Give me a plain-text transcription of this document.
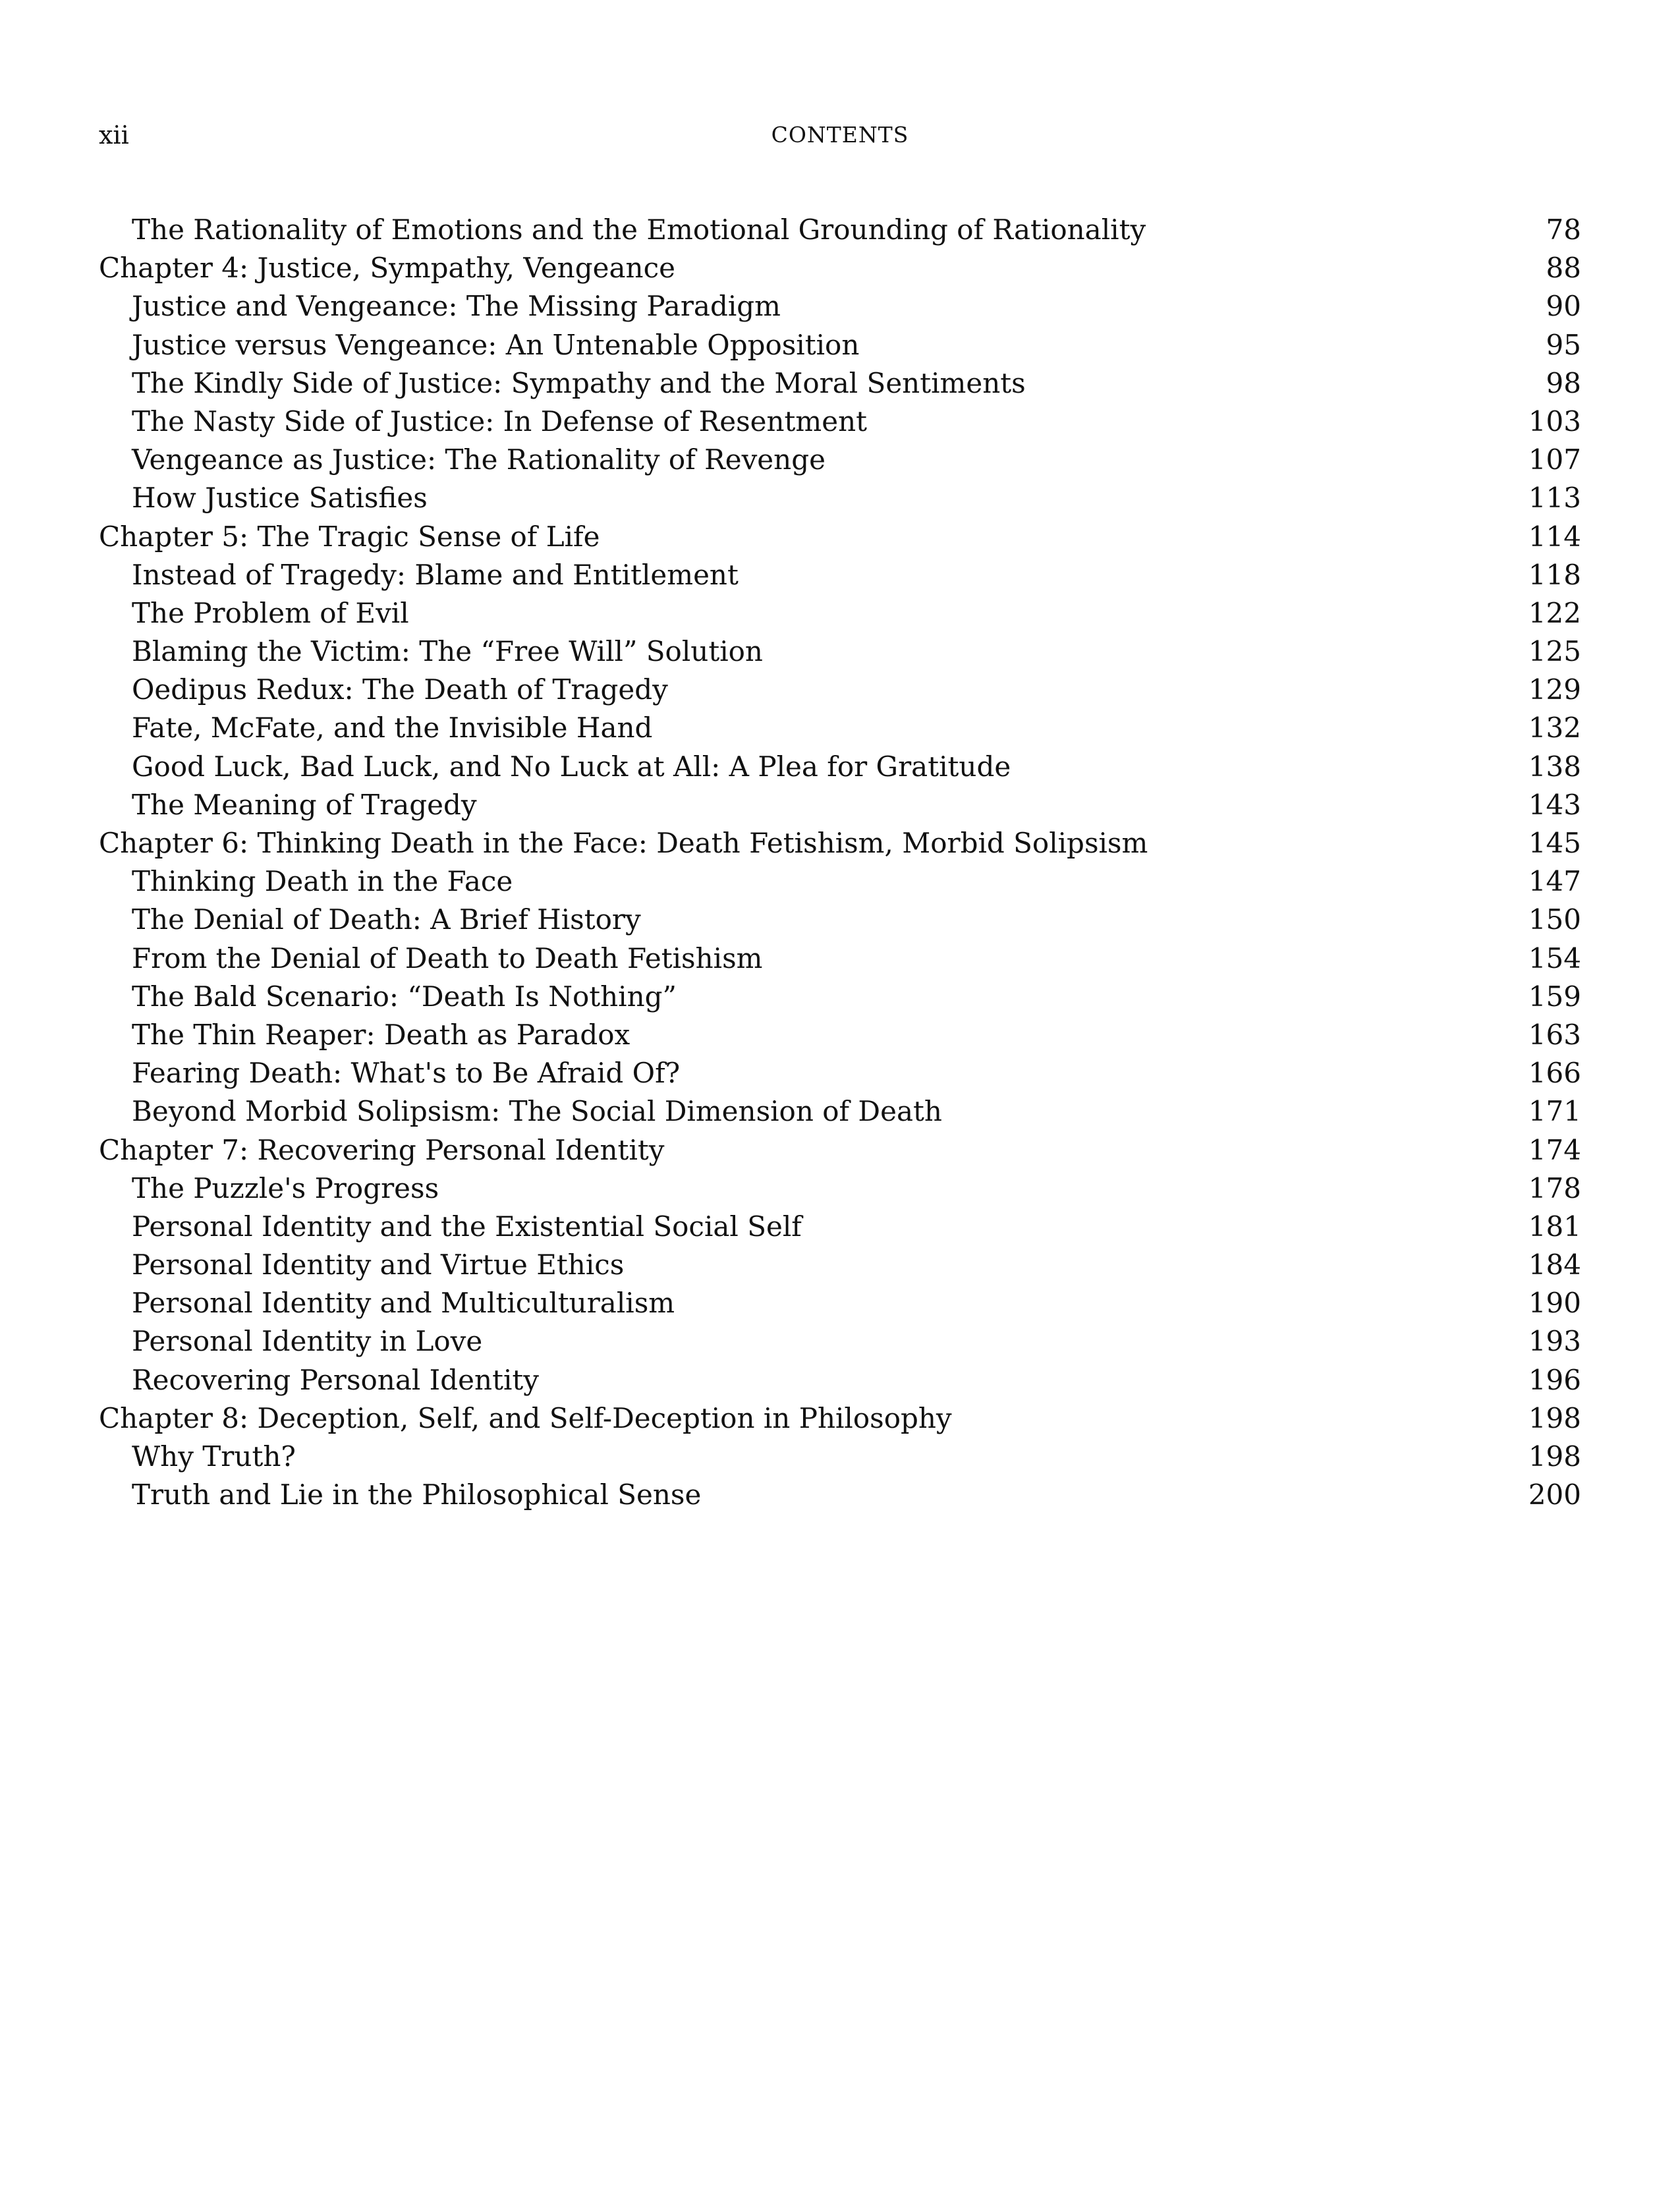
xii	CONTENTS
The Rationality of Emotions and the Emotional Grounding of Rationality	78
Chapter 4: Justice, Sympathy, Vengeance	88
Justice and Vengeance: The Missing Paradigm	90
Justice versus Vengeance: An Untenable Opposition	95
The Kindly Side of Justice: Sympathy and the Moral Sentiments	98
The Nasty Side of Justice: In Defense of Resentment	103
Vengeance as Justice: The Rationality of Revenge	107
How Justice Satisfies	113
Chapter 5: The Tragic Sense of Life	114
Instead of Tragedy: Blame and Entitlement	118
The Problem of Evil	122
Blaming the Victim: The “Free Will” Solution	125
Oedipus Redux: The Death of Tragedy	129
Fate, McFate, and the Invisible Hand	132
Good Luck, Bad Luck, and No Luck at All: A Plea for Gratitude	138
The Meaning of Tragedy	143
Chapter 6: Thinking Death in the Face: Death Fetishism, Morbid Solipsism	145
Thinking Death in the Face	147
The Denial of Death: A Brief History	150
From the Denial of Death to Death Fetishism	154
The Bald Scenario: “Death Is Nothing”	159
The Thin Reaper: Death as Paradox	163
Fearing Death: What's to Be Afraid Of?	166
Beyond Morbid Solipsism: The Social Dimension of Death	171
Chapter 7: Recovering Personal Identity	174
The Puzzle's Progress	178
Personal Identity and the Existential Social Self	181
Personal Identity and Virtue Ethics	184
Personal Identity and Multiculturalism	190
Personal Identity in Love	193
Recovering Personal Identity	196
Chapter 8: Deception, Self, and Self-Deception in Philosophy	198
Why Truth?	198
Truth and Lie in the Philosophical Sense	200
